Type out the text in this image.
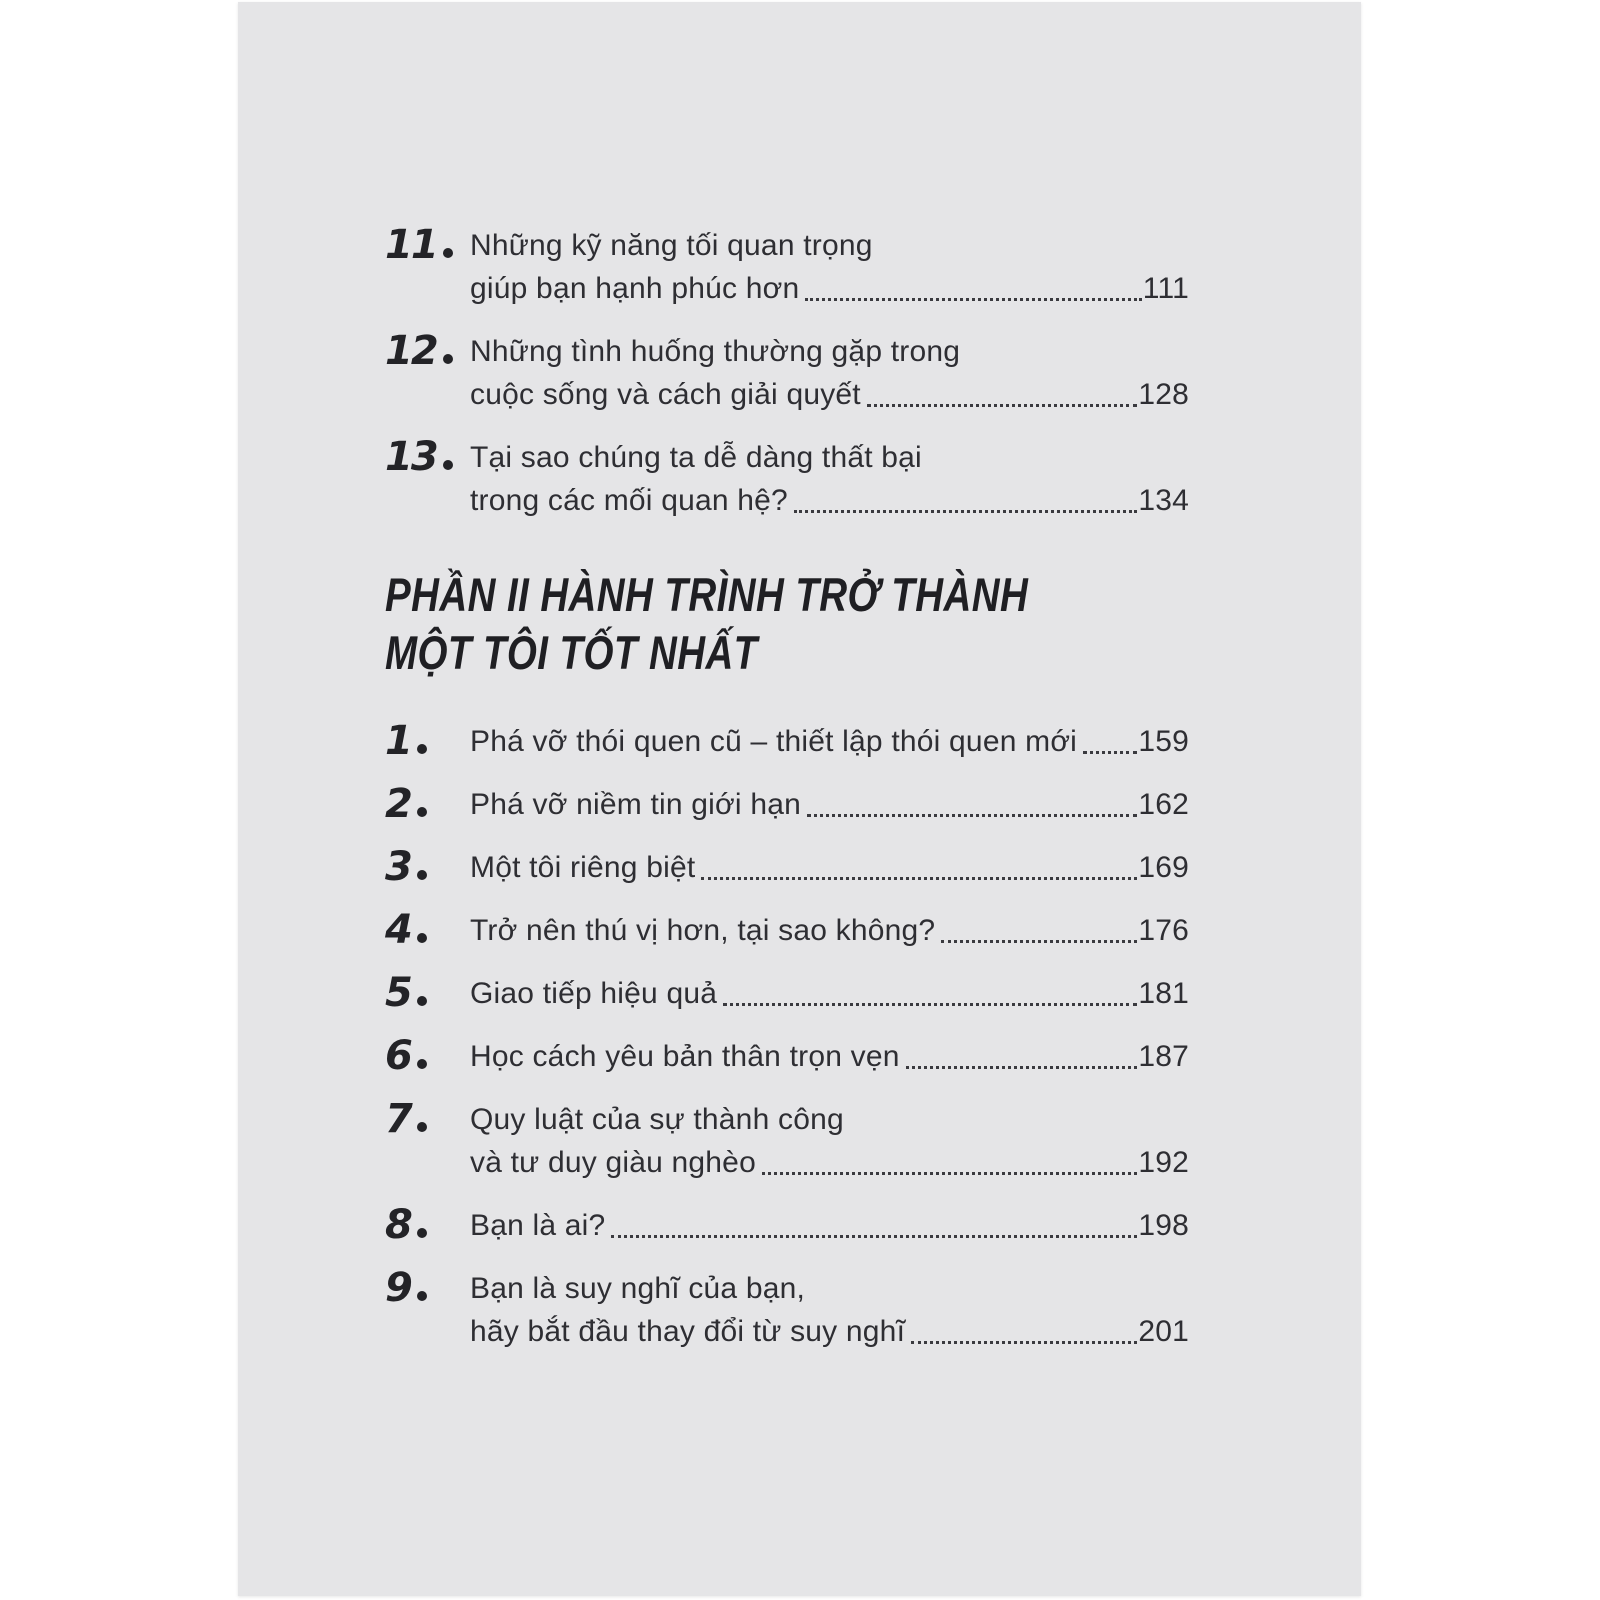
11	Những kỹ năng tối quan trọng
giúp bạn hạnh phúc hơn	111
12	Những tình huống thường gặp trong
cuộc sống và cách giải quyết	128
13	Tại sao chúng ta dễ dàng thất bại
trong các mối quan hệ?	134
PHẦN II HÀNH TRÌNH TRỞ THÀNH
MỘT TÔI TỐT NHẤT
1	Phá vỡ thói quen cũ – thiết lập thói quen mới 159
2	Phá vỡ niềm tin giới hạn	162
3	Một tôi riêng biệt	169
4	Trở nên thú vị hơn, tại sao không?	176
5	Giao tiếp hiệu quả	181
6	Học cách yêu bản thân trọn vẹn	187
7	Quy luật của sự thành công
và tư duy giàu nghèo	192
8	Bạn là ai?	198
9	Bạn là suy nghĩ của bạn,
hãy bắt đầu thay đổi từ suy nghĩ	201
